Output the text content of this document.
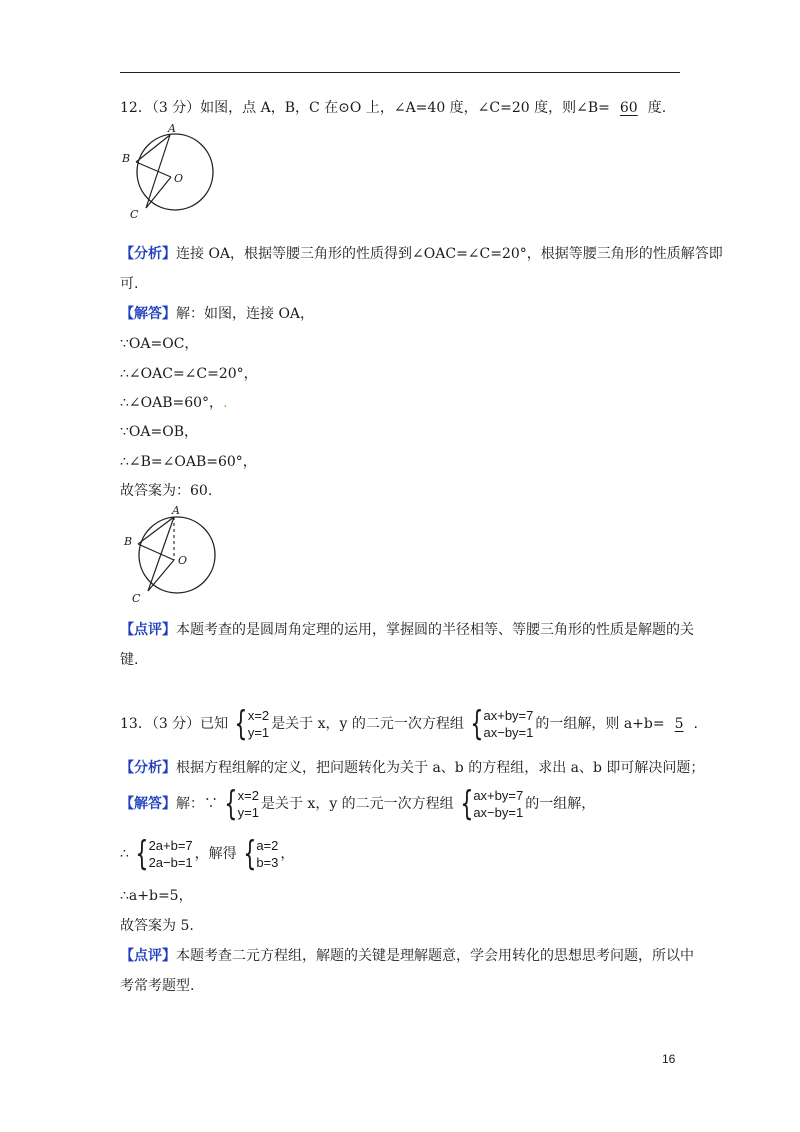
12．（3 分）如图，点 A，B，C 在⊙O 上，∠A=40 度，∠C=20 度，则∠B= 60 度.
A
B
O
C
【分析】连接 OA，根据等腰三角形的性质得到∠OAC=∠C=20°，根据等腰三角形的性质解答即
可.
【解答】解：如图，连接 OA，
∵OA=OC，
∴∠OAC=∠C=20°，
∴∠OAB=60°，.
∵OA=OB，
∴∠B=∠OAB=60°，
故答案为：60.
A
B
O
C
【点评】本题考查的是圆周角定理的运用，掌握圆的半径相等、等腰三角形的性质是解题的关
键.
13．（3 分）已知 { x=2
y=1
是关于 x，y 的二元一次方程组 { ax+by=7
ax−by=1
的一组解，则 a+b= 5 .
【分析】根据方程组解的定义，把问题转化为关于 a、b 的方程组，求出 a、b 即可解决问题；
【解答】 解：∵ { x=2
y=1
是关于 x，y 的二元一次方程组 { ax+by=7
ax−by=1
的一组解，
∴ { 2a+b=7
2a−b=1
，解得 { a=2
b=3
，
∴a+b=5，
故答案为 5.
【点评】本题考查二元方程组，解题的关键是理解题意，学会用转化的思想思考问题，所以中
考常考题型.
16
